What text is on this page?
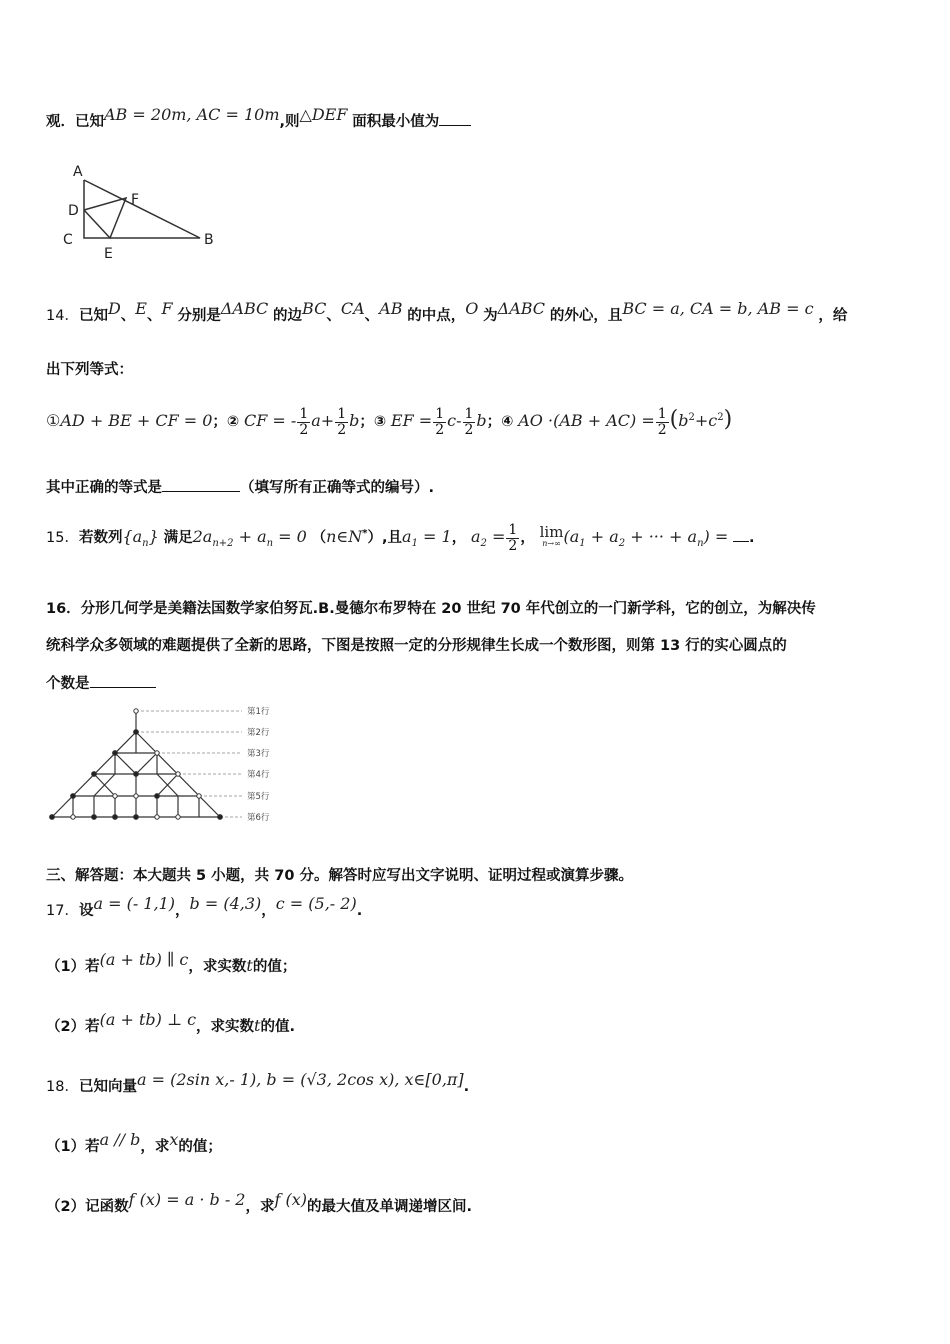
观．已知AB = 20m, AC = 10m,则△DEF 面积最小值为
A
D
C
E
F
B
14．已知D、E、F 分别是ΔABC 的边BC、CA、AB 的中点，O 为ΔABC 的外心，且BC = a, CA = b, AB = c ，给
出下列等式：
①AD + BE + CF = 0；② CF = - $\frac{1}{2} a+ \frac{1}{2}$ b；③ EF = $\frac{1}{2} c- \frac{1}{2}$ b；④ AO $\cdot(AB + AC) = \frac{1}{2} (b^2+c^2)$
其中正确的等式是	（填写所有正确等式的编号）.
15．若数列$\{a_n\}$ 满足$2a_{n+2} + a_n = 0$ （n∈N*）,且$a_1 = 1$， $a_2 = \frac{1}{2}$ ， lim
n→∞ ($a_1 + a_2$ + ··· + $a_n$) = .
16．分形几何学是美籍法国数学家伯努瓦.B.曼德尔布罗特在 20 世纪 70 年代创立的一门新学科，它的创立，为解决传
统科学众多领域的难题提供了全新的思路，下图是按照一定的分形规律生长成一个数形图，则第 13 行的实心圆点的
个数是
第1行
第2行
第3行
第4行
第5行
第6行
三、解答题：本大题共 5 小题，共 70 分。解答时应写出文字说明、证明过程或演算步骤。
17．设a = (- 1,1)，b = (4,3)，c = (5,- 2).
（1）若(a + tb) ∥ c，求实数t的值；
（2）若(a + tb) ⊥ c，求实数t的值.
18．已知向量a = (2sin x,- 1), b = (√3, 2cos x), x∈[0,π].
（1）若a // b，求x的值；
（2）记函数f (x) = a · b - 2，求f (x)的最大值及单调递增区间.
